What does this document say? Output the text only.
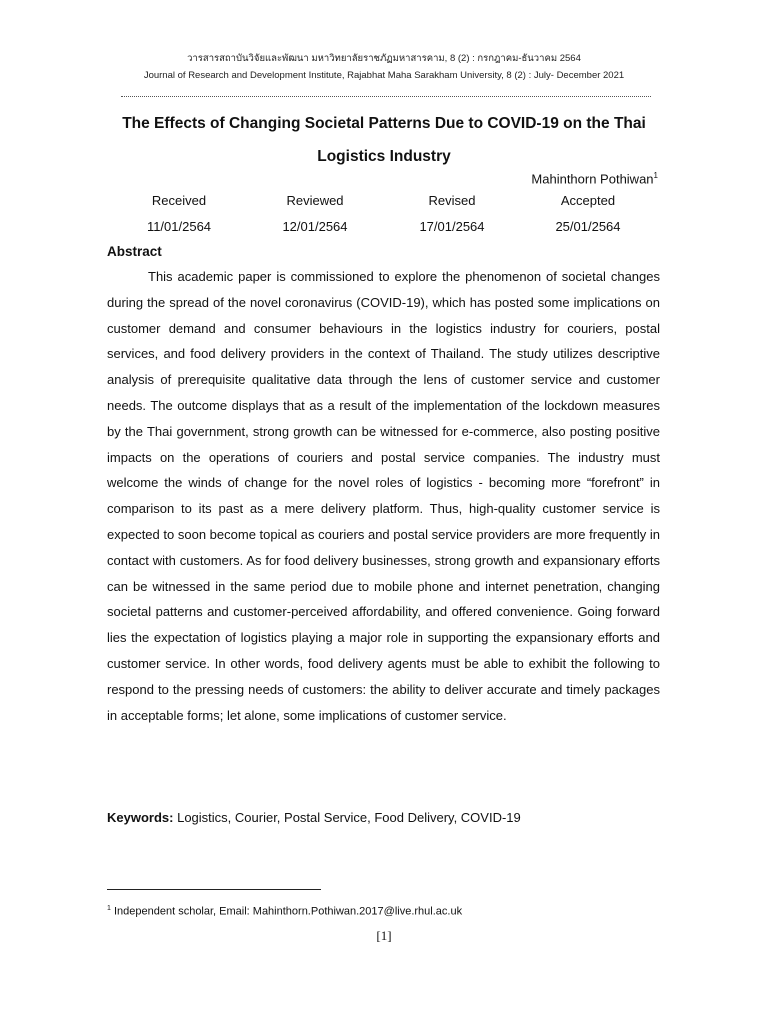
วารสารสถาบันวิจัยและพัฒนา มหาวิทยาลัยราชภัฏมหาสารคาม, 8 (2) : กรกฎาคม-ธันวาคม 2564
Journal of Research and Development Institute, Rajabhat Maha Sarakham University, 8 (2) : July- December 2021
The Effects of Changing Societal Patterns Due to COVID-19 on the Thai Logistics Industry
Mahinthorn Pothiwan$^1$
Received	Reviewed	Revised	Accepted
11/01/2564	12/01/2564	17/01/2564	25/01/2564
Abstract

This academic paper is commissioned to explore the phenomenon of societal changes during the spread of the novel coronavirus (COVID-19), which has posted some implications on customer demand and consumer behaviours in the logistics industry for couriers, postal services, and food delivery providers in the context of Thailand. The study utilizes descriptive analysis of prerequisite qualitative data through the lens of customer service and customer needs. The outcome displays that as a result of the implementation of the lockdown measures by the Thai government, strong growth can be witnessed for e-commerce, also posting positive impacts on the operations of couriers and postal service companies. The industry must welcome the winds of change for the novel roles of logistics - becoming more “forefront” in comparison to its past as a mere delivery platform. Thus, high-quality customer service is expected to soon become topical as couriers and postal service providers are more frequently in contact with customers. As for food delivery businesses, strong growth and expansionary efforts can be witnessed in the same period due to mobile phone and internet penetration, changing societal patterns and customer-perceived affordability, and offered convenience. Going forward lies the expectation of logistics playing a major role in supporting the expansionary efforts and customer service. In other words, food delivery agents must be able to exhibit the following to respond to the pressing needs of customers: the ability to deliver accurate and timely packages in acceptable forms; let alone, some implications of customer service.

Keywords: Logistics, Courier, Postal Service, Food Delivery, COVID-19
$^1$ Independent scholar, Email: Mahinthorn.Pothiwan.2017@live.rhul.ac.uk
[1]
